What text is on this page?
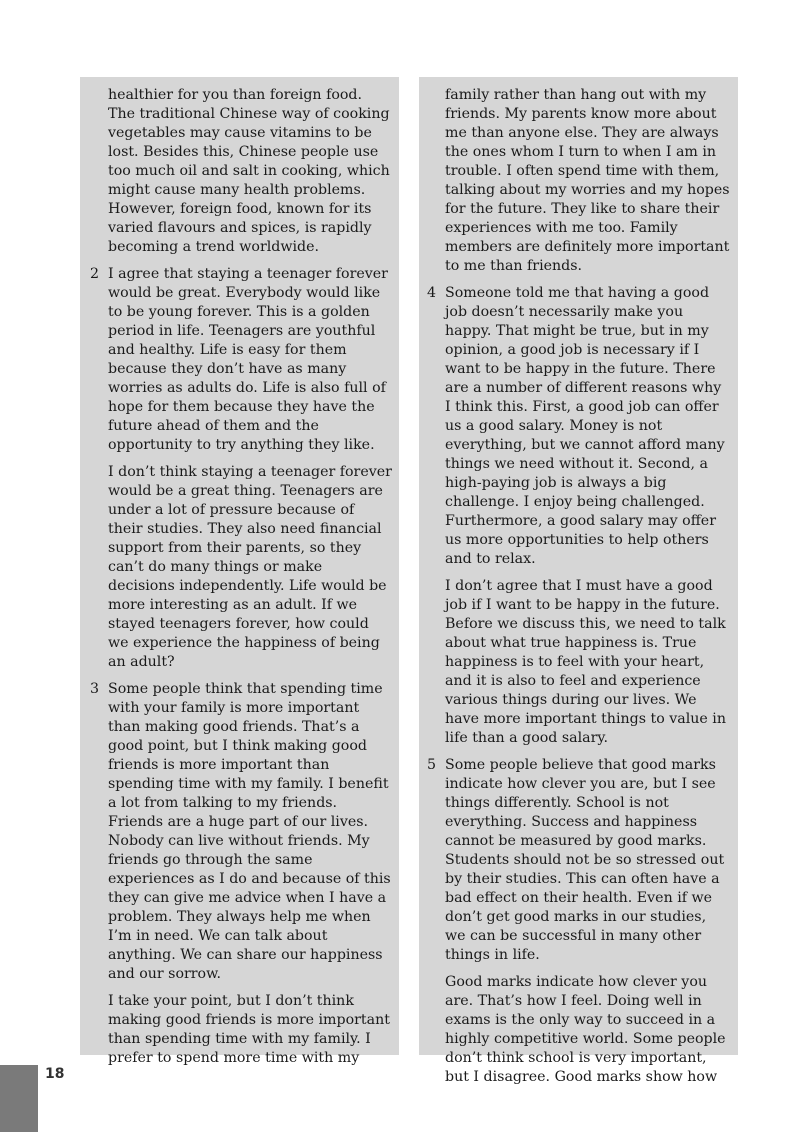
healthier for you than foreign food. The traditional Chinese way of cooking vegetables may cause vitamins to be lost. Besides this, Chinese people use too much oil and salt in cooking, which might cause many health problems. However, foreign food, known for its varied flavours and spices, is rapidly becoming a trend worldwide.

2 I agree that staying a teenager forever would be great. Everybody would like to be young forever. This is a golden period in life. Teenagers are youthful and healthy. Life is easy for them because they don’t have as many worries as adults do. Life is also full of hope for them because they have the future ahead of them and the opportunity to try anything they like.

I don’t think staying a teenager forever would be a great thing. Teenagers are under a lot of pressure because of their studies. They also need financial support from their parents, so they can’t do many things or make decisions independently. Life would be more interesting as an adult. If we stayed teenagers forever, how could we experience the happiness of being an adult?

3 Some people think that spending time with your family is more important than making good friends. That’s a good point, but I think making good friends is more important than spending time with my family. I benefit a lot from talking to my friends. Friends are a huge part of our lives. Nobody can live without friends. My friends go through the same experiences as I do and because of this they can give me advice when I have a problem. They always help me when I’m in need. We can talk about anything. We can share our happiness and our sorrow.

I take your point, but I don’t think making good friends is more important than spending time with my family. I prefer to spend more time with my

family rather than hang out with my friends. My parents know more about me than anyone else. They are always the ones whom I turn to when I am in trouble. I often spend time with them, talking about my worries and my hopes for the future. They like to share their experiences with me too. Family members are definitely more important to me than friends.

4 Someone told me that having a good job doesn’t necessarily make you happy. That might be true, but in my opinion, a good job is necessary if I want to be happy in the future. There are a number of different reasons why I think this. First, a good job can offer us a good salary. Money is not everything, but we cannot afford many things we need without it. Second, a high-paying job is always a big challenge. I enjoy being challenged. Furthermore, a good salary may offer us more opportunities to help others and to relax.

I don’t agree that I must have a good job if I want to be happy in the future. Before we discuss this, we need to talk about what true happiness is. True happiness is to feel with your heart, and it is also to feel and experience various things during our lives. We have more important things to value in life than a good salary.

5 Some people believe that good marks indicate how clever you are, but I see things differently. School is not everything. Success and happiness cannot be measured by good marks. Students should not be so stressed out by their studies. This can often have a bad effect on their health. Even if we don’t get good marks in our studies, we can be successful in many other things in life.

Good marks indicate how clever you are. That’s how I feel. Doing well in exams is the only way to succeed in a highly competitive world. Some people don’t think school is very important, but I disagree. Good marks show how

18
